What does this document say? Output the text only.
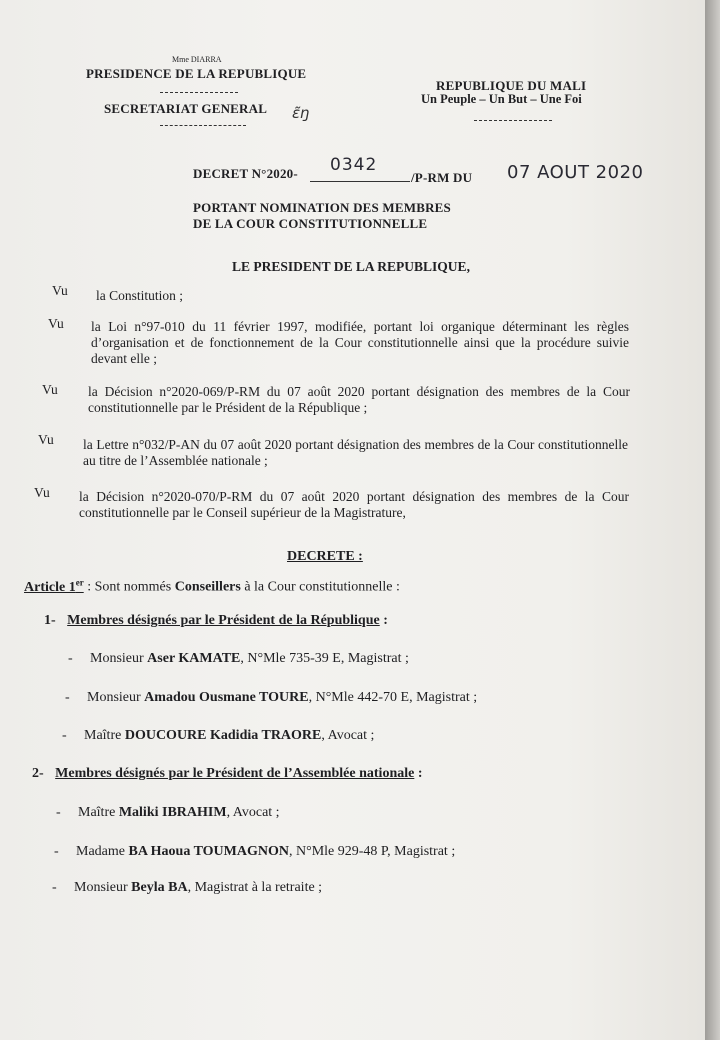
Mme DIARRA
PRESIDENCE DE LA REPUBLIQUE
SECRETARIAT GENERAL ɛ̃ŋ
REPUBLIQUE DU MALI
Un Peuple – Un But – Une Foi
DECRET N°2020- 0342
/P-RM DU 07 AOUT 2020
PORTANT NOMINATION DES MEMBRES
DE LA COUR CONSTITUTIONNELLE
LE PRESIDENT DE LA REPUBLIQUE,
Vu la Constitution ;
Vu la Loi n°97-010 du 11 février 1997, modifiée, portant loi organique déterminant les règles d’organisation et de fonctionnement de la Cour constitutionnelle ainsi que la procédure suivie devant elle ;
Vu la Décision n°2020-069/P-RM du 07 août 2020 portant désignation des membres de la Cour constitutionnelle par le Président de la République ;
Vu la Lettre n°032/P-AN du 07 août 2020 portant désignation des membres de la Cour constitutionnelle au titre de l’Assemblée nationale ;
Vu la Décision n°2020-070/P-RM du 07 août 2020 portant désignation des membres de la Cour constitutionnelle par le Conseil supérieur de la Magistrature,
DECRETE :
Article 1er : Sont nommés Conseillers à la Cour constitutionnelle :
1- Membres désignés par le Président de la République :
- Monsieur Aser KAMATE, N°Mle 735-39 E, Magistrat ;
- Monsieur Amadou Ousmane TOURE, N°Mle 442-70 E, Magistrat ;
- Maître DOUCOURE Kadidia TRAORE, Avocat ;
2- Membres désignés par le Président de l’Assemblée nationale :
- Maître Maliki IBRAHIM, Avocat ;
- Madame BA Haoua TOUMAGNON, N°Mle 929-48 P, Magistrat ;
- Monsieur Beyla BA, Magistrat à la retraite ;
